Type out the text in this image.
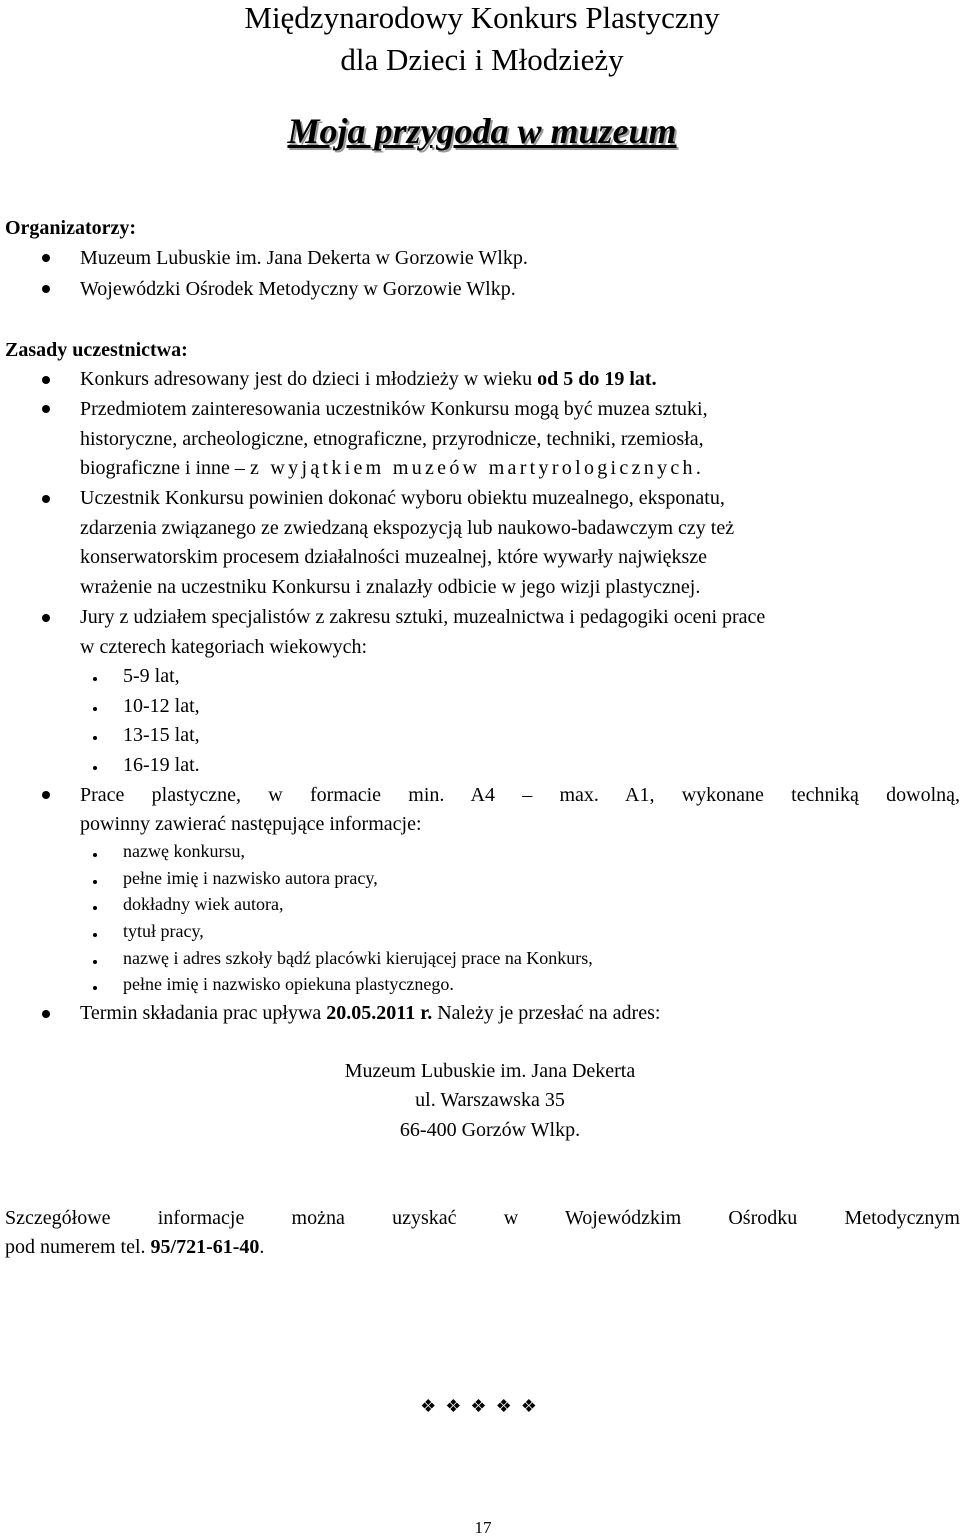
Międzynarodowy Konkurs Plastyczny
dla Dzieci i Młodzieży
Moja przygoda w muzeum
Organizatorzy:
Muzeum Lubuskie im. Jana Dekerta w Gorzowie Wlkp.
Wojewódzki Ośrodek Metodyczny w Gorzowie Wlkp.
Zasady uczestnictwa:
Konkurs adresowany jest do dzieci i młodzieży w wieku od 5 do 19 lat.
Przedmiotem zainteresowania uczestników Konkursu mogą być muzea sztuki,
historyczne, archeologiczne, etnograficzne, przyrodnicze, techniki, rzemiosła,
biograficzne i inne – z wyjątkiem muzeów martyrologicznych.
Uczestnik Konkursu powinien dokonać wyboru obiektu muzealnego, eksponatu,
zdarzenia związanego ze zwiedzaną ekspozycją lub naukowo-badawczym czy też
konserwatorskim procesem działalności muzealnej, które wywarły największe
wrażenie na uczestniku Konkursu i znalazły odbicie w jego wizji plastycznej.
Jury z udziałem specjalistów z zakresu sztuki, muzealnictwa i pedagogiki oceni prace
w czterech kategoriach wiekowych:
5-9 lat,
10-12 lat,
13-15 lat,
16-19 lat.
Prace plastyczne, w formacie min. A4 – max. A1, wykonane techniką dowolną,
powinny zawierać następujące informacje:
nazwę konkursu,
pełne imię i nazwisko autora pracy,
dokładny wiek autora,
tytuł pracy,
nazwę i adres szkoły bądź placówki kierującej prace na Konkurs,
pełne imię i nazwisko opiekuna plastycznego.
Termin składania prac upływa 20.05.2011 r. Należy je przesłać na adres:
Muzeum Lubuskie im. Jana Dekerta
ul. Warszawska 35
66-400 Gorzów Wlkp.
Szczegółowe informacje można uzyskać w Wojewódzkim Ośrodku Metodycznym
pod numerem tel. 95/721-61-40.
❖❖❖❖❖
17
